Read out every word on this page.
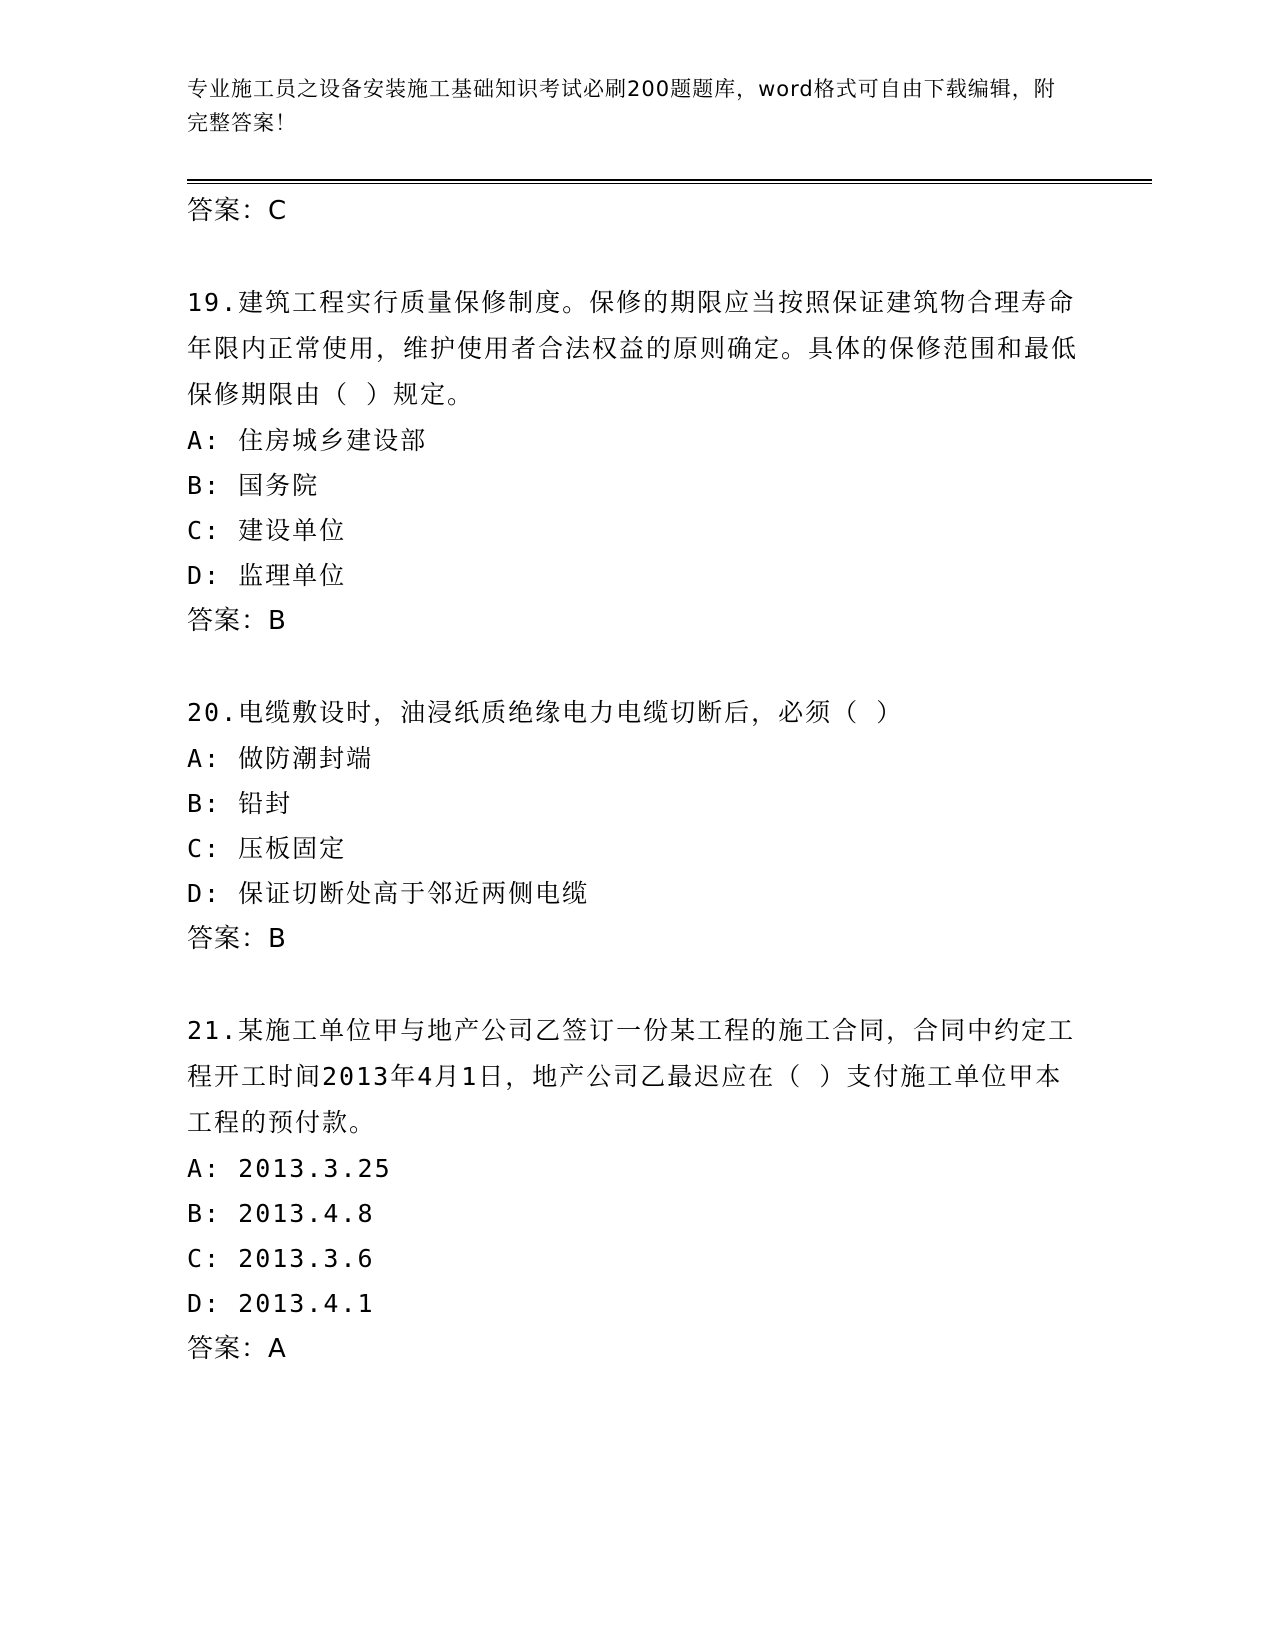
专业施工员之设备安装施工基础知识考试必刷200题题库，word格式可自由下载编辑，附完整答案！
答案：C
19.建筑工程实行质量保修制度。保修的期限应当按照保证建筑物合理寿命年限内正常使用，维护使用者合法权益的原则确定。具体的保修范围和最低保修期限由（ ）规定。
A: 住房城乡建设部
B: 国务院
C: 建设单位
D: 监理单位
答案：B
20.电缆敷设时，油浸纸质绝缘电力电缆切断后，必须（ ）
A: 做防潮封端
B: 铅封
C: 压板固定
D: 保证切断处高于邻近两侧电缆
答案：B
21.某施工单位甲与地产公司乙签订一份某工程的施工合同，合同中约定工程开工时间2013年4月1日，地产公司乙最迟应在（ ）支付施工单位甲本工程的预付款。
A: 2013.3.25
B: 2013.4.8
C: 2013.3.6
D: 2013.4.1
答案：A
